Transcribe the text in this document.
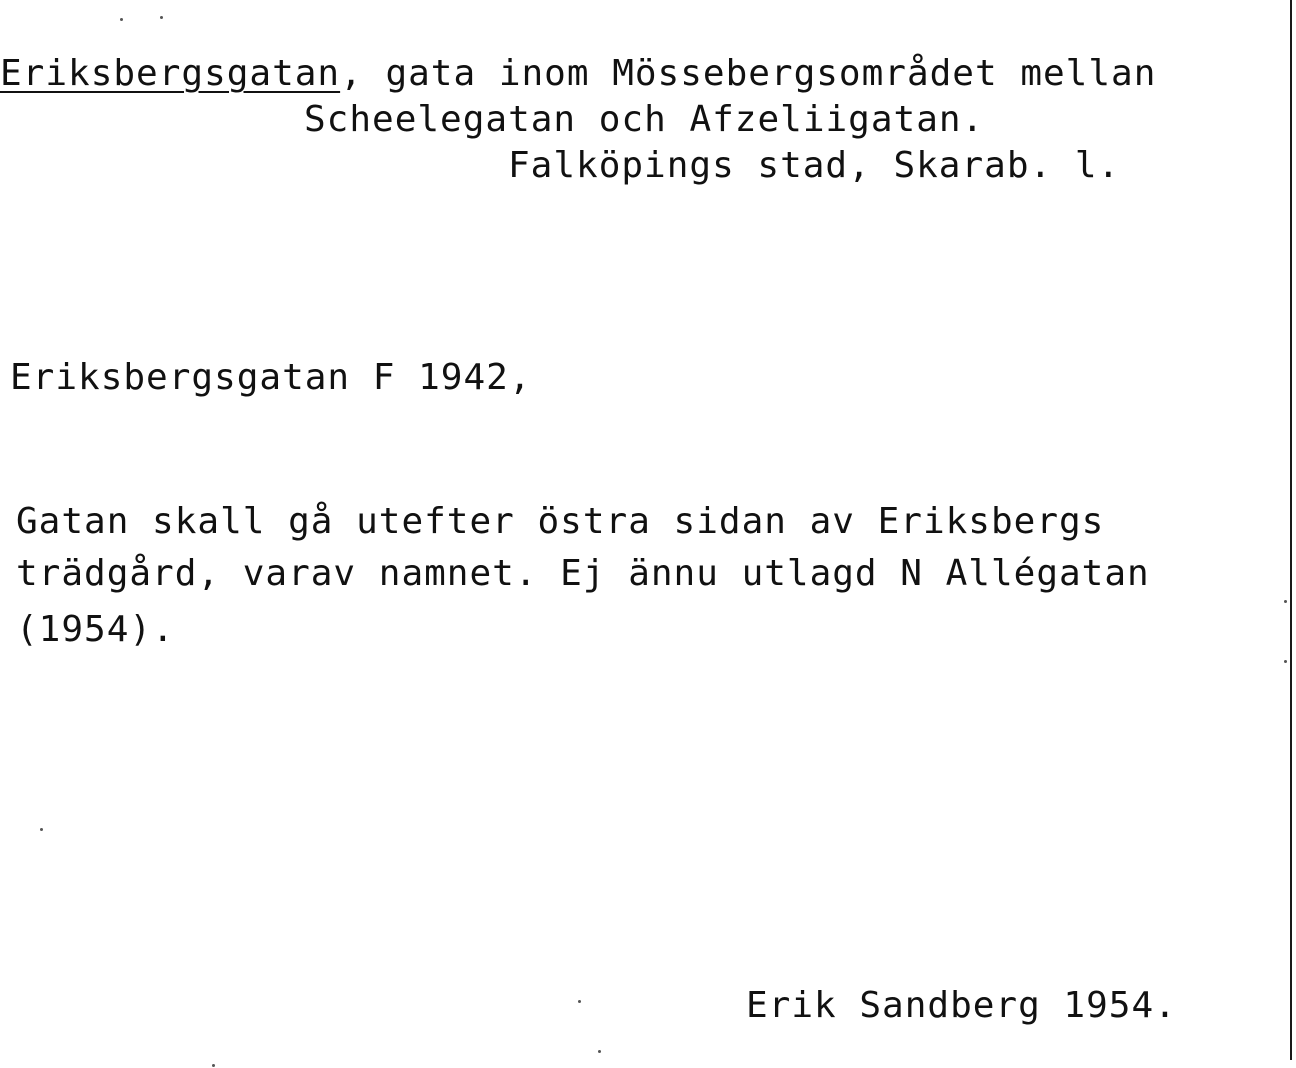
Eriksbergsgatan, gata inom Mössebergsområdet mellan
Scheelegatan och Afzeliigatan.
Falköpings stad, Skarab. l.
Eriksbergsgatan F 1942,
Gatan skall gå utefter östra sidan av Eriksbergs
trädgård, varav namnet. Ej ännu utlagd N Allégatan
(1954).
Erik Sandberg 1954.
